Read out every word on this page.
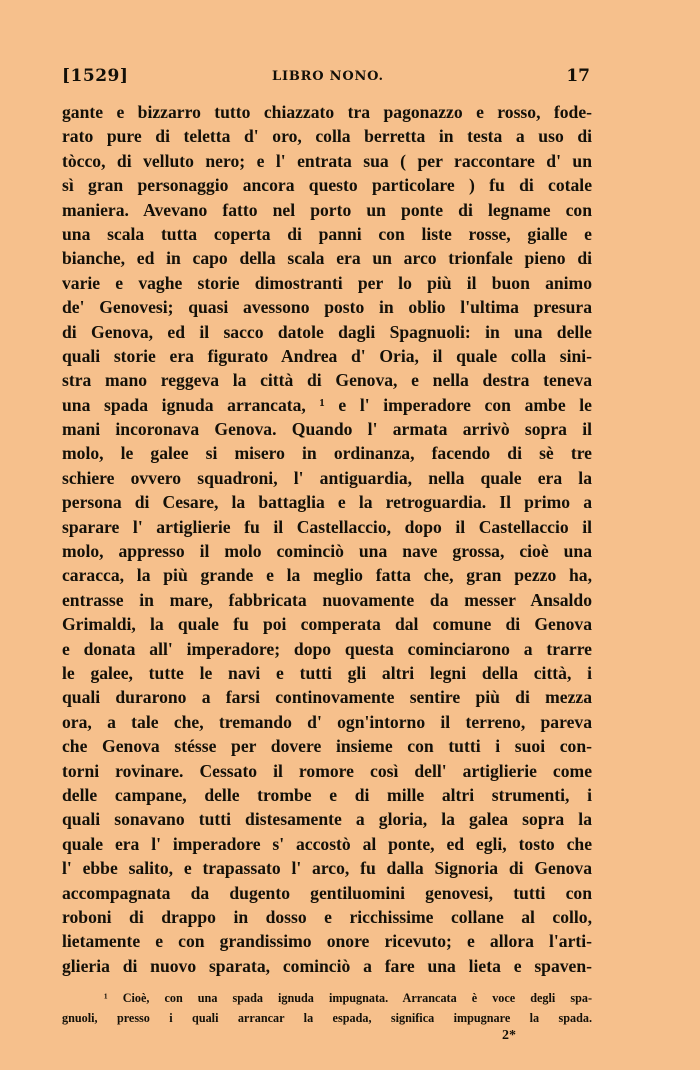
[1529]	LIBRO NONO.	17
gante e bizzarro tutto chiazzato tra pagonazzo e rosso, fode-
rato pure di teletta d' oro, colla berretta in testa a uso di
tòcco, di velluto nero; e l' entrata sua ( per raccontare d' un
sì gran personaggio ancora questo particolare ) fu di cotale
maniera. Avevano fatto nel porto un ponte di legname con
una scala tutta coperta di panni con liste rosse, gialle e
bianche, ed in capo della scala era un arco trionfale pieno di
varie e vaghe storie dimostranti per lo più il buon animo
de' Genovesi; quasi avessono posto in oblio l'ultima presura
di Genova, ed il sacco datole dagli Spagnuoli: in una delle
quali storie era figurato Andrea d' Oria, il quale colla sini-
stra mano reggeva la città di Genova, e nella destra teneva
una spada ignuda arrancata, ¹ e l' imperadore con ambe le
mani incoronava Genova. Quando l' armata arrivò sopra il
molo, le galee si misero in ordinanza, facendo di sè tre
schiere ovvero squadroni, l' antiguardia, nella quale era la
persona di Cesare, la battaglia e la retroguardia. Il primo a
sparare l' artiglierie fu il Castellaccio, dopo il Castellaccio il
molo, appresso il molo cominciò una nave grossa, cioè una
caracca, la più grande e la meglio fatta che, gran pezzo ha,
entrasse in mare, fabbricata nuovamente da messer Ansaldo
Grimaldi, la quale fu poi comperata dal comune di Genova
e donata all' imperadore; dopo questa cominciarono a trarre
le galee, tutte le navi e tutti gli altri legni della città, i
quali durarono a farsi continovamente sentire più di mezza
ora, a tale che, tremando d' ogn'intorno il terreno, pareva
che Genova stésse per dovere insieme con tutti i suoi con-
torni rovinare. Cessato il romore così dell' artiglierie come
delle campane, delle trombe e di mille altri strumenti, i
quali sonavano tutti distesamente a gloria, la galea sopra la
quale era l' imperadore s' accostò al ponte, ed egli, tosto che
l' ebbe salito, e trapassato l' arco, fu dalla Signoria di Genova
accompagnata da dugento gentiluomini genovesi, tutti con
roboni di drappo in dosso e ricchissime collane al collo,
lietamente e con grandissimo onore ricevuto; e allora l'arti-
glieria di nuovo sparata, cominciò a fare una lieta e spaven-
¹ Cioè, con una spada ignuda impugnata. Arrancata è voce degli spa-
gnuoli, presso i quali arrancar la espada, significa impugnare la spada.
2*
